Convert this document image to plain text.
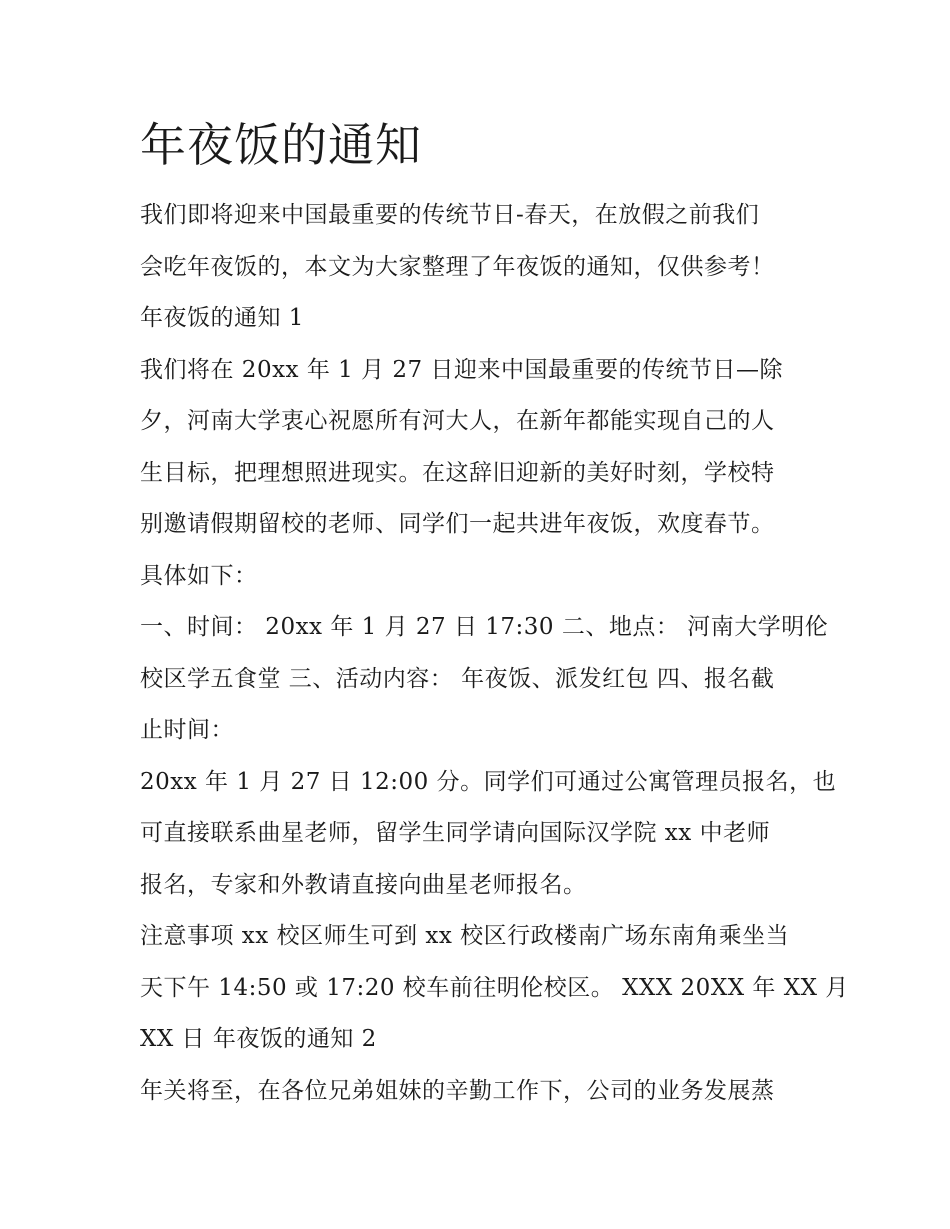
年夜饭的通知

我们即将迎来中国最重要的传统节日-春天，在放假之前我们

会吃年夜饭的，本文为大家整理了年夜饭的通知，仅供参考！

年夜饭的通知 1

我们将在 20xx 年 1 月 27 日迎来中国最重要的传统节日—除

夕，河南大学衷心祝愿所有河大人，在新年都能实现自己的人

生目标，把理想照进现实。在这辞旧迎新的美好时刻，学校特

别邀请假期留校的老师、同学们一起共进年夜饭，欢度春节。

具体如下：

一、时间： 20xx 年 1 月 27 日 17:30 二、地点： 河南大学明伦

校区学五食堂 三、活动内容： 年夜饭、派发红包 四、报名截

止时间：

20xx 年 1 月 27 日 12:00 分。同学们可通过公寓管理员报名，也

可直接联系曲星老师，留学生同学请向国际汉学院 xx 中老师

报名，专家和外教请直接向曲星老师报名。

注意事项 xx 校区师生可到 xx 校区行政楼南广场东南角乘坐当

天下午 14:50 或 17:20 校车前往明伦校区。 XXX 20XX 年 XX 月

XX 日 年夜饭的通知 2

年关将至，在各位兄弟姐妹的辛勤工作下，公司的业务发展蒸
